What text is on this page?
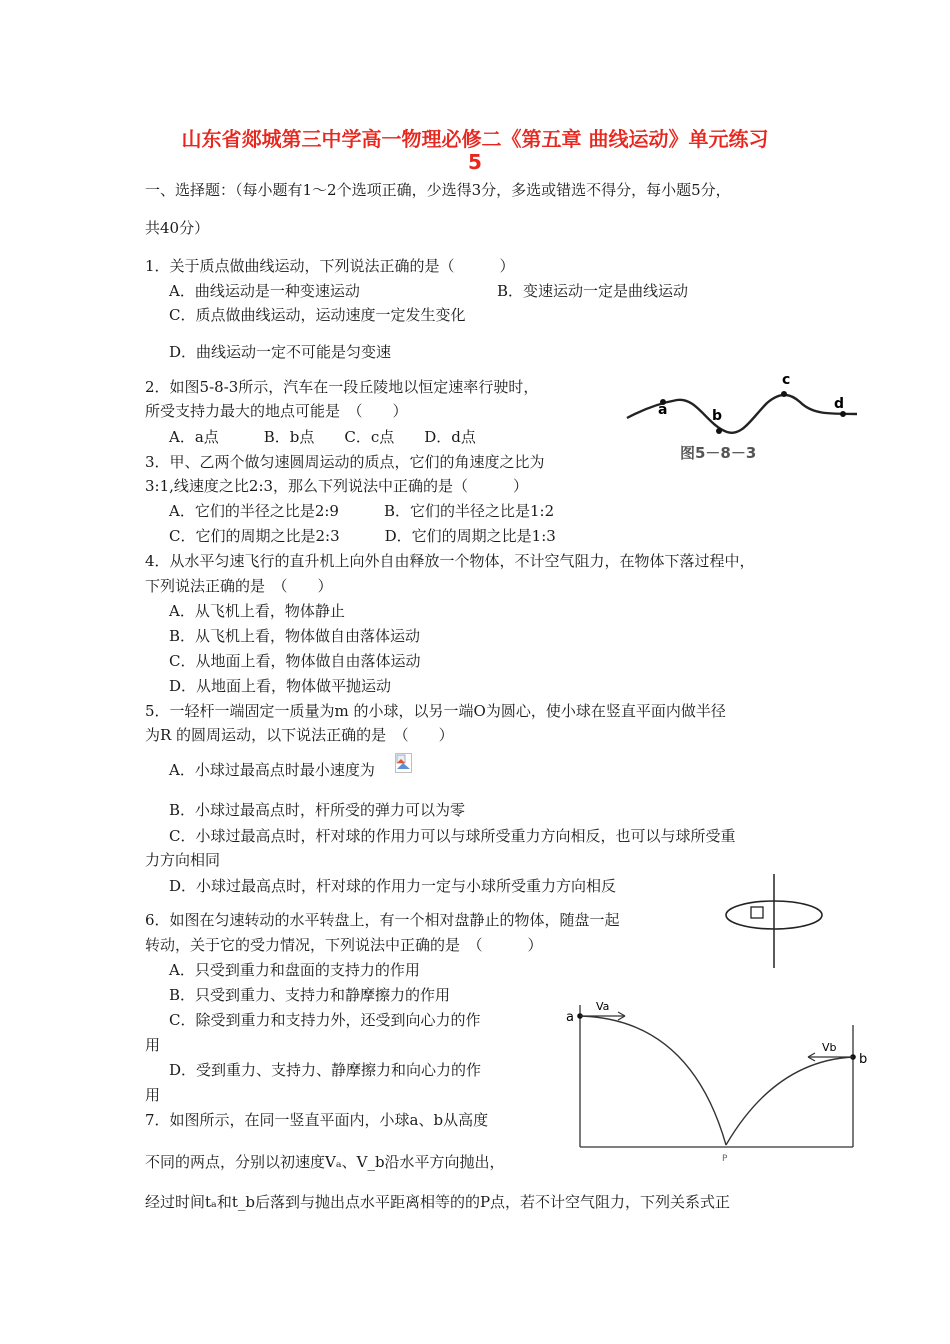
山东省郯城第三中学高一物理必修二《第五章 曲线运动》单元练习
5
一、选择题：（每小题有1～2个选项正确，少选得3分，多选或错选不得分，每小题5分，
共40分）
1．关于质点做曲线运动，下列说法正确的是（　　　）
A．曲线运动是一种变速运动	B．变速运动一定是曲线运动
C．质点做曲线运动，运动速度一定发生变化
D．曲线运动一定不可能是匀变速
2．如图5-8-3所示，汽车在一段丘陵地以恒定速率行驶时，
所受支持力最大的地点可能是　（　　）
A．a点　　　B．b点　　C．c点　　D．d点
a	b
c
d
图5－8－3
3．甲、乙两个做匀速圆周运动的质点，它们的角速度之比为
3:1,线速度之比2:3，那么下列说法中正确的是（　　　）
A．它们的半径之比是2:9　　　B．它们的半径之比是1:2
C．它们的周期之比是2:3　　　D．它们的周期之比是1:3
4．从水平匀速飞行的直升机上向外自由释放一个物体，不计空气阻力，在物体下落过程中，
下列说法正确的是　（　　）
A．从飞机上看，物体静止
B．从飞机上看，物体做自由落体运动
C．从地面上看，物体做自由落体运动
D．从地面上看，物体做平抛运动
5．一轻杆一端固定一质量为m 的小球，以另一端O为圆心，使小球在竖直平面内做半径
为R 的圆周运动，以下说法正确的是　（　　）
A．小球过最高点时最小速度为
B．小球过最高点时，杆所受的弹力可以为零
C．小球过最高点时，杆对球的作用力可以与球所受重力方向相反，也可以与球所受重
力方向相同
D．小球过最高点时，杆对球的作用力一定与小球所受重力方向相反
6．如图在匀速转动的水平转盘上，有一个相对盘静止的物体，随盘一起
转动，关于它的受力情况，下列说法中正确的是　（　　　）
A．只受到重力和盘面的支持力的作用
B．只受到重力、支持力和静摩擦力的作用
C．除受到重力和支持力外，还受到向心力的作
用
D．受到重力、支持力、静摩擦力和向心力的作
用
a
b
Va
Vb
P
7．如图所示，在同一竖直平面内，小球a、b从高度
不同的两点，分别以初速度Vₐ、V_b沿水平方向抛出，
经过时间tₐ和t_b后落到与抛出点水平距离相等的的P点，若不计空气阻力，下列关系式正
